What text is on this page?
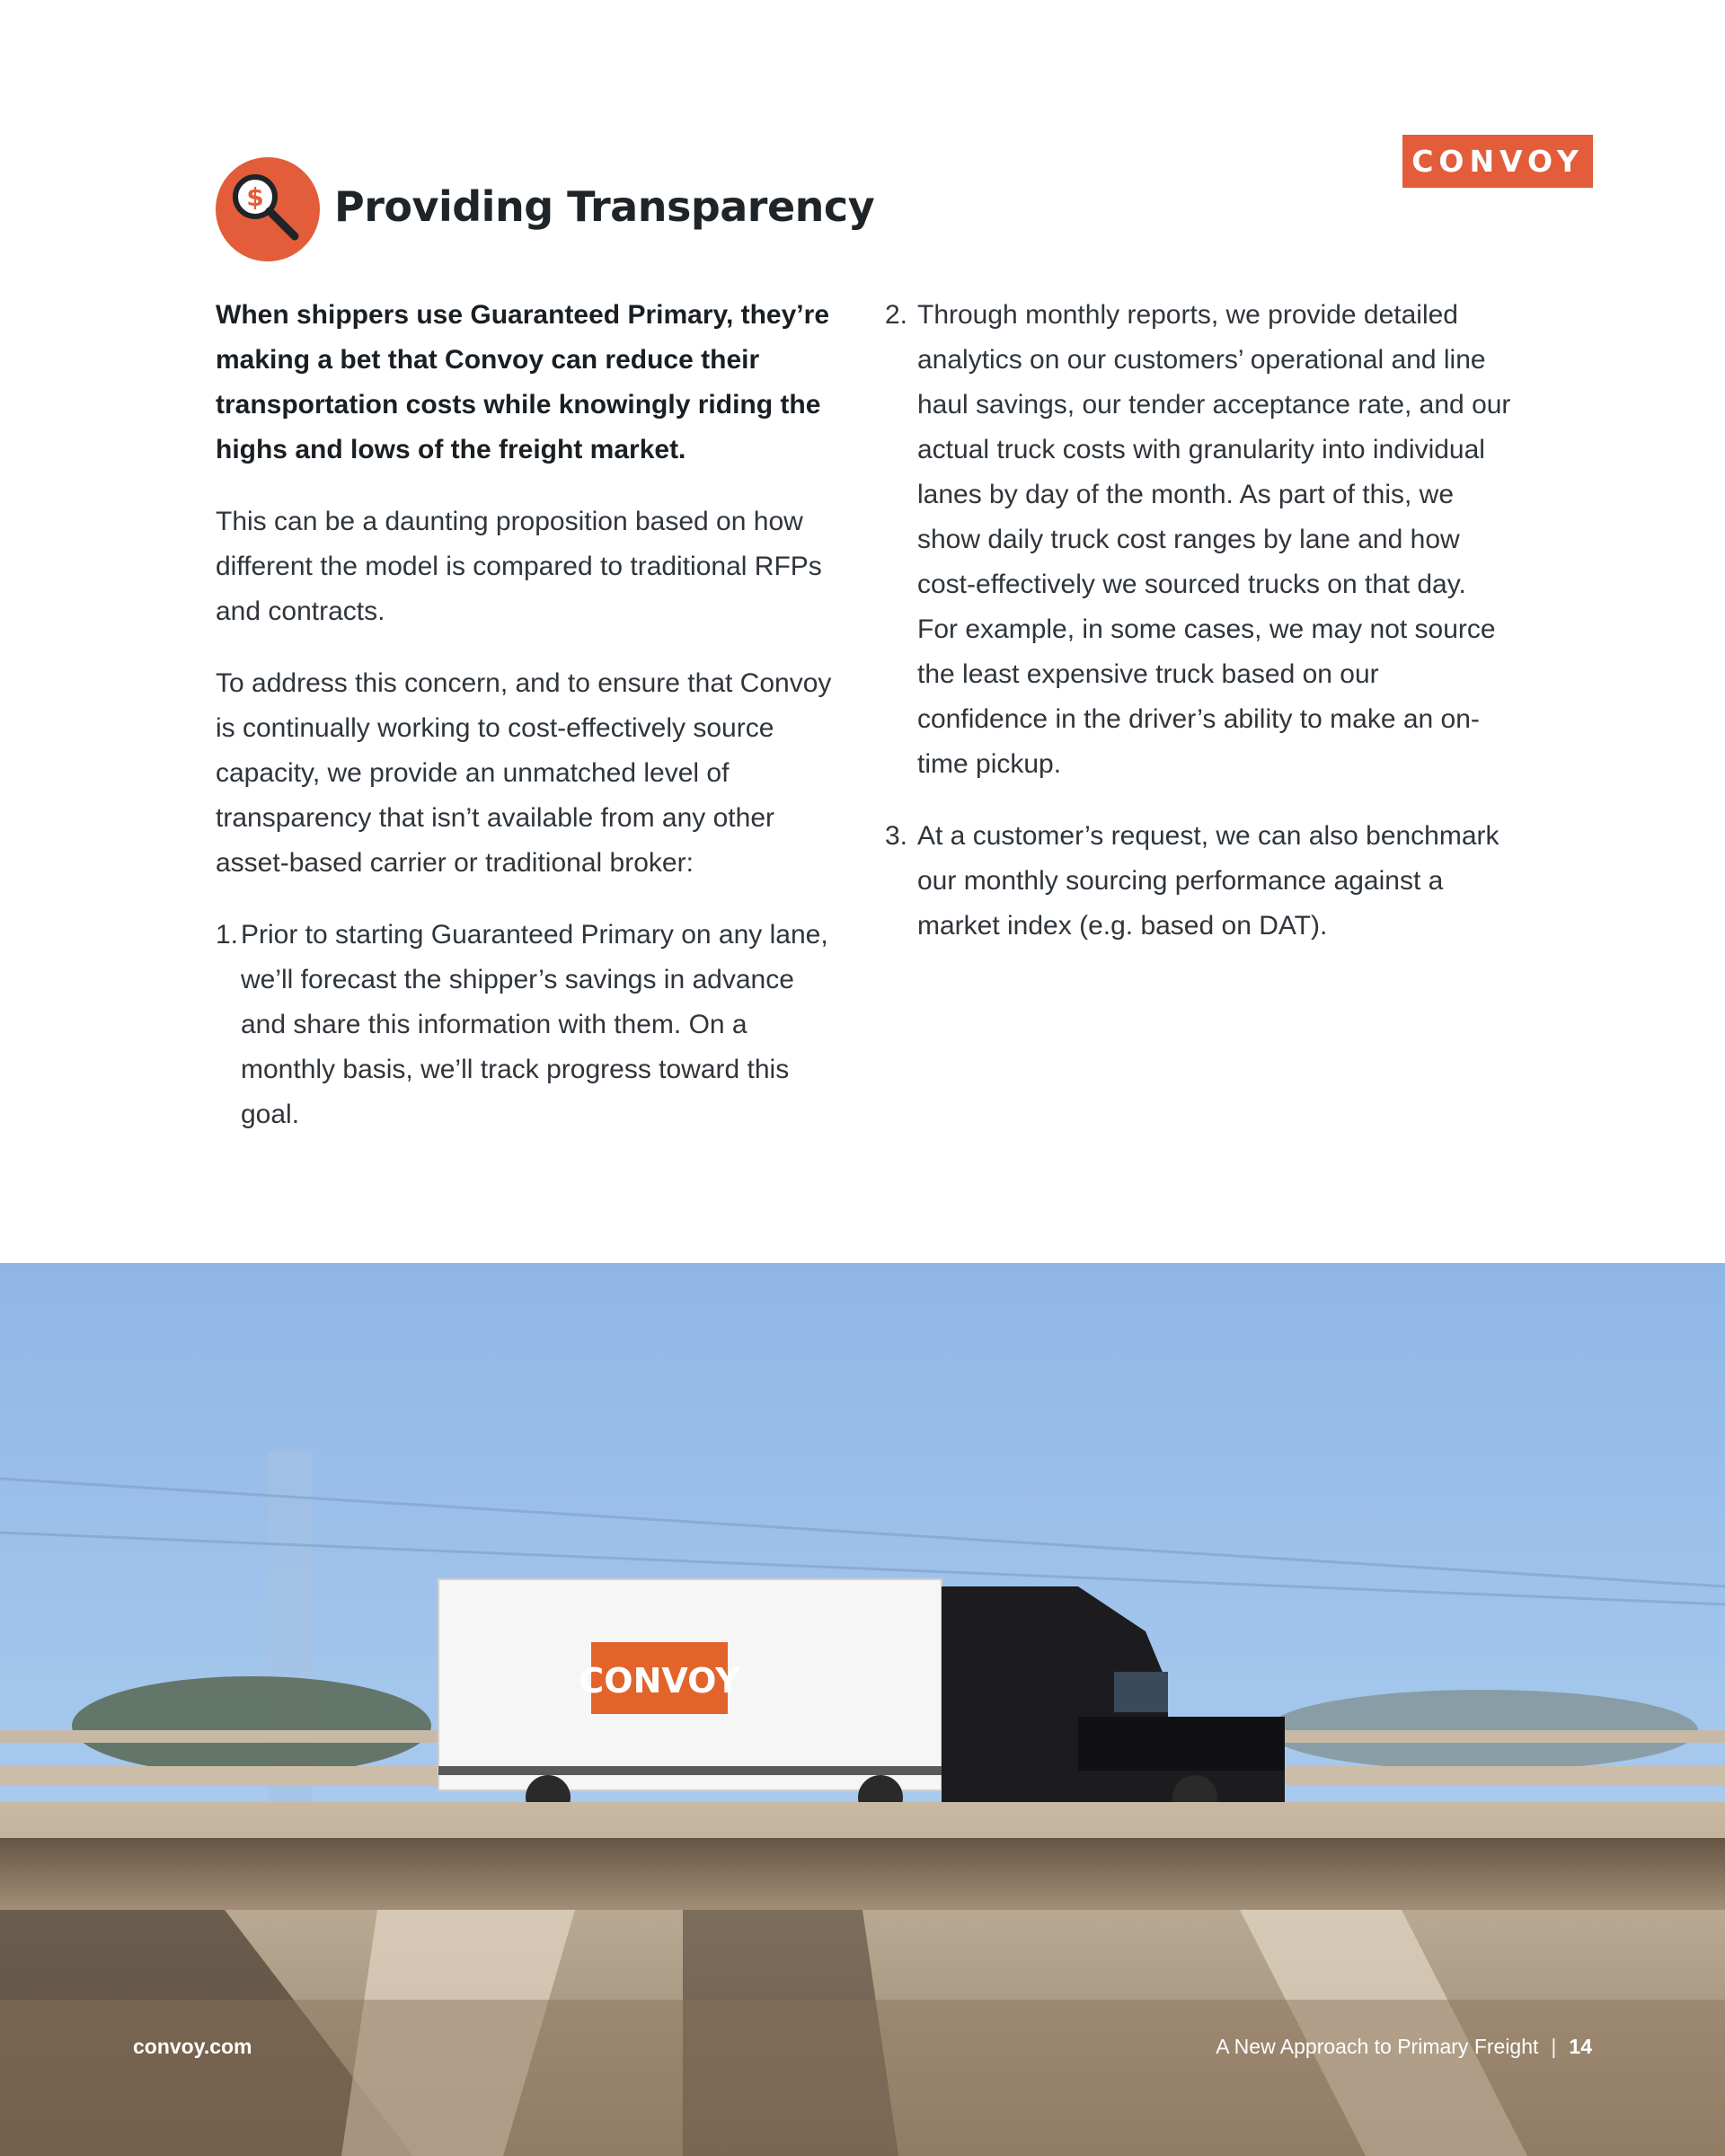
CONVOY
$ Providing Transparency

When shippers use Guaranteed Primary, they’re making a bet that Convoy can reduce their transportation costs while knowingly riding the highs and lows of the freight market.

This can be a daunting proposition based on how different the model is compared to traditional RFPs and contracts.

To address this concern, and to ensure that Convoy is continually working to cost-effectively source capacity, we provide an unmatched level of transparency that isn’t available from any other asset-based carrier or traditional broker:

1. Prior to starting Guaranteed Primary on any lane, we’ll forecast the shipper’s savings in advance and share this information with them. On a monthly basis, we’ll track progress toward this goal.
2. Through monthly reports, we provide detailed analytics on our customers’ operational and line haul savings, our tender acceptance rate, and our actual truck costs with granularity into individual lanes by day of the month. As part of this, we show daily truck cost ranges by lane and how cost-effectively we sourced trucks on that day. For example, in some cases, we may not source the least expensive truck based on our confidence in the driver’s ability to make an on-time pickup.
3. At a customer’s request, we can also benchmark our monthly sourcing performance against a market index (e.g. based on DAT).
CONVOY
convoy.com	A New Approach to Primary Freight | 14
